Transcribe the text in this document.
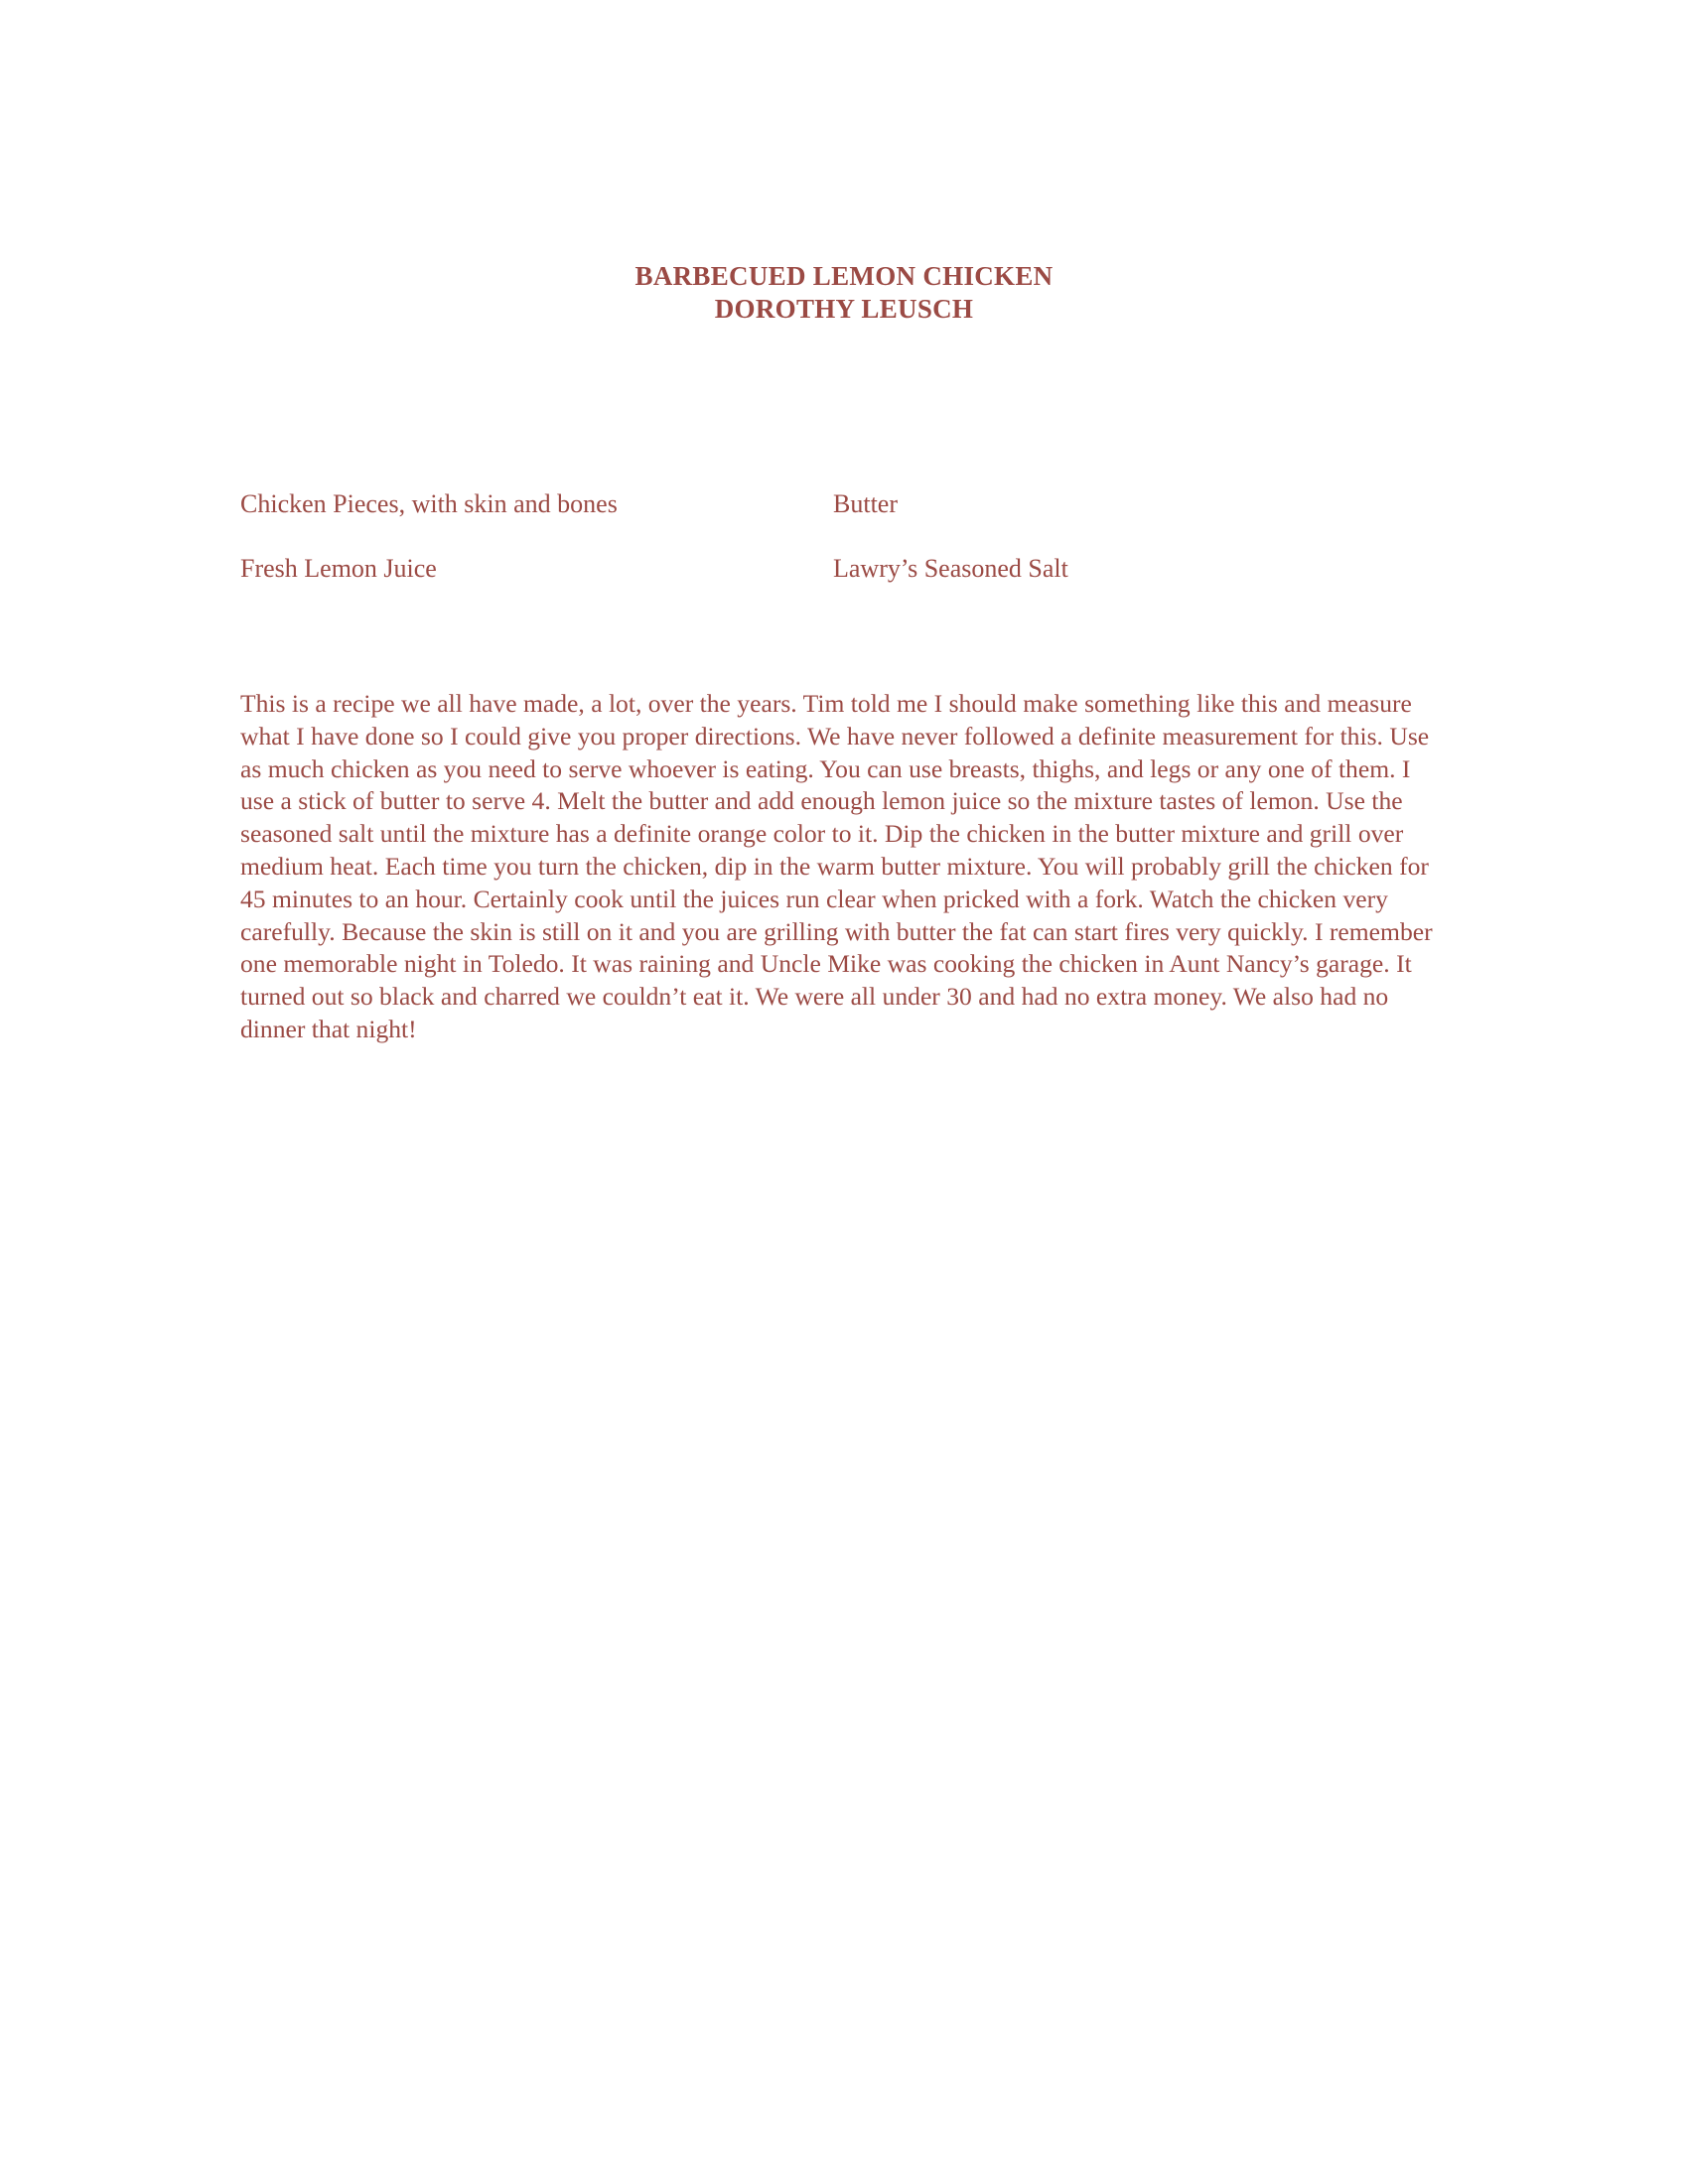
BARBECUED LEMON CHICKEN
DOROTHY LEUSCH
Chicken Pieces, with skin and bones	Butter
Fresh Lemon Juice	Lawry’s Seasoned Salt

This is a recipe we all have made, a lot, over the years. Tim told me I should make something like this and measure what I have done so I could give you proper directions. We have never followed a definite measurement for this. Use as much chicken as you need to serve whoever is eating. You can use breasts, thighs, and legs or any one of them. I use a stick of butter to serve 4. Melt the butter and add enough lemon juice so the mixture tastes of lemon. Use the seasoned salt until the mixture has a definite orange color to it. Dip the chicken in the butter mixture and grill over medium heat. Each time you turn the chicken, dip in the warm butter mixture. You will probably grill the chicken for 45 minutes to an hour. Certainly cook until the juices run clear when pricked with a fork. Watch the chicken very carefully. Because the skin is still on it and you are grilling with butter the fat can start fires very quickly. I remember one memorable night in Toledo. It was raining and Uncle Mike was cooking the chicken in Aunt Nancy’s garage. It turned out so black and charred we couldn’t eat it. We were all under 30 and had no extra money. We also had no dinner that night!
